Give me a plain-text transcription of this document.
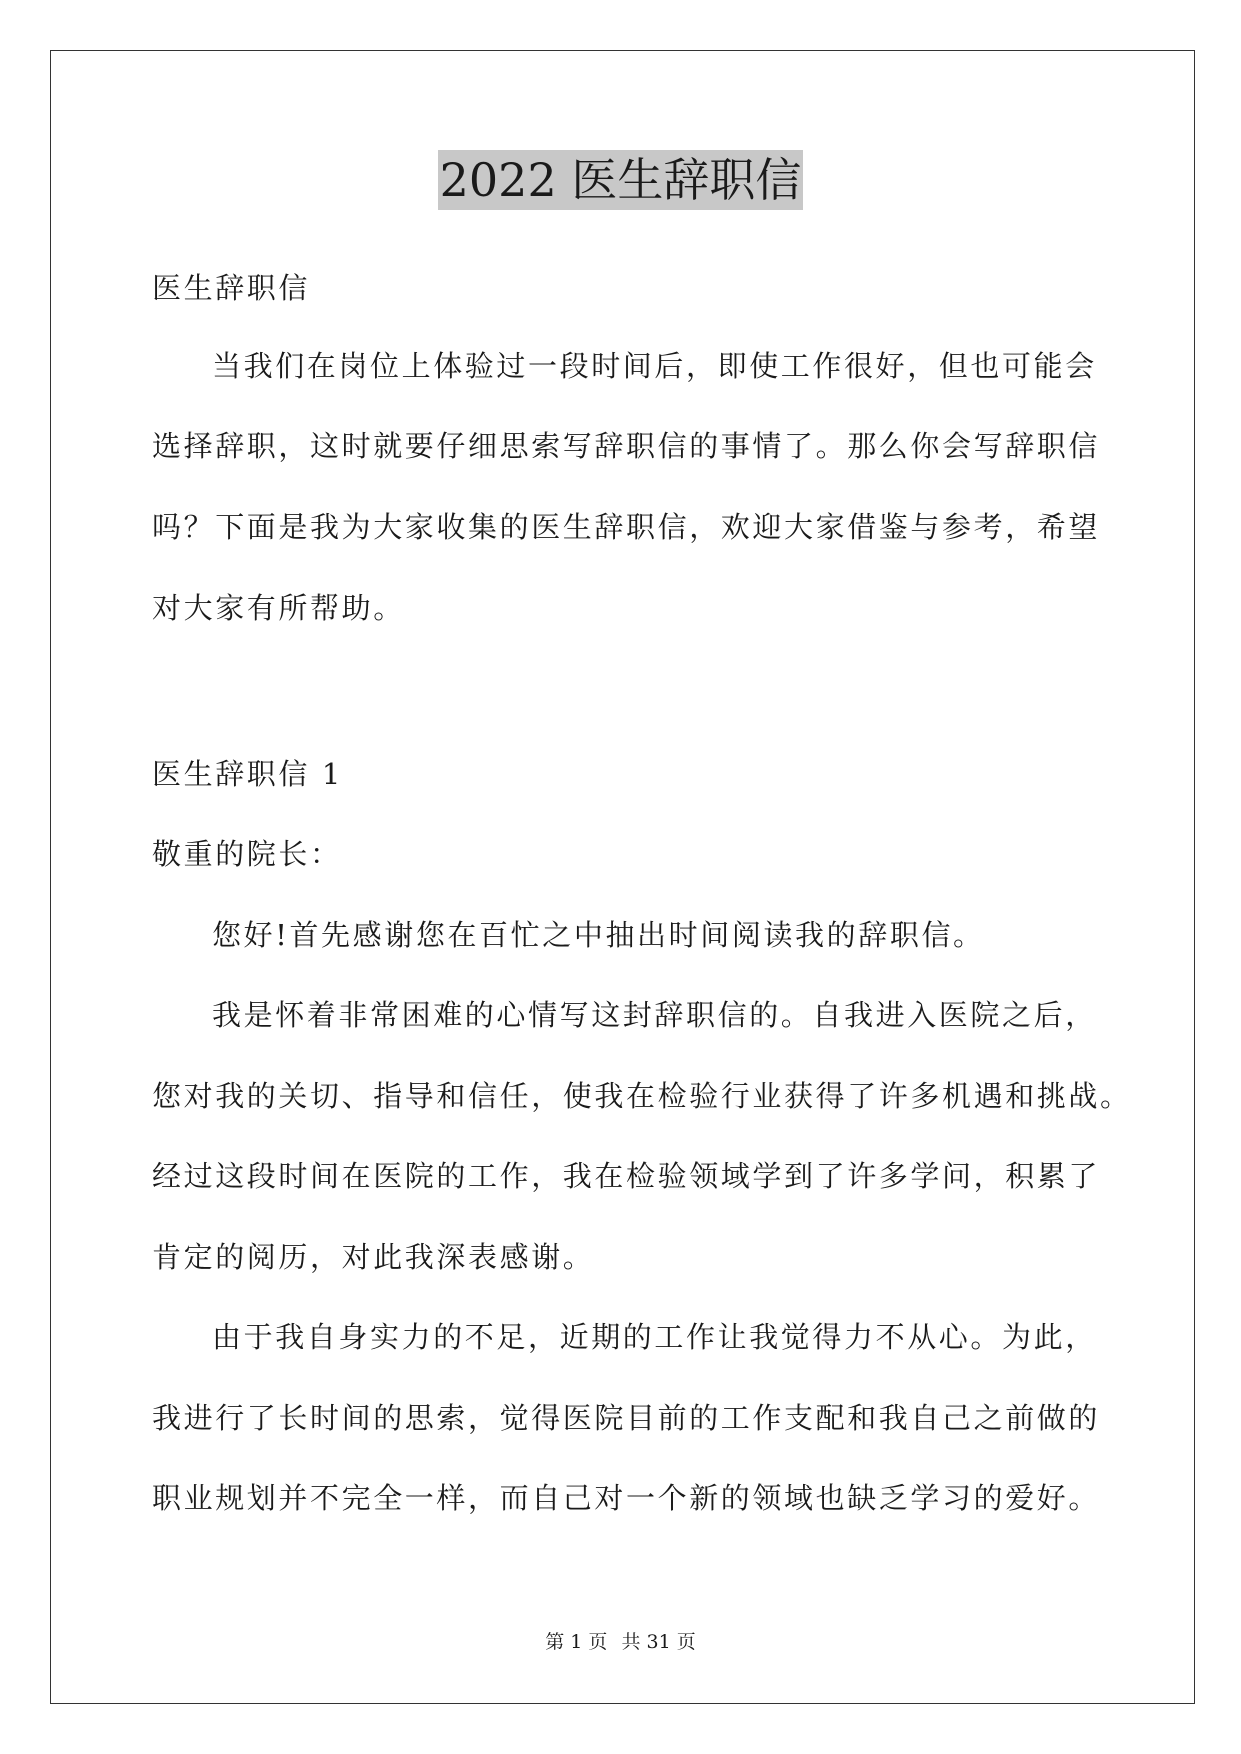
2022 医生辞职信
医生辞职信
当我们在岗位上体验过一段时间后，即使工作很好，但也可能会
选择辞职，这时就要仔细思索写辞职信的事情了。那么你会写辞职信
吗？下面是我为大家收集的医生辞职信，欢迎大家借鉴与参考，希望
对大家有所帮助。
医生辞职信 1
敬重的院长：
您好!首先感谢您在百忙之中抽出时间阅读我的辞职信。
我是怀着非常困难的心情写这封辞职信的。自我进入医院之后，
您对我的关切、指导和信任，使我在检验行业获得了许多机遇和挑战。
经过这段时间在医院的工作，我在检验领域学到了许多学问，积累了
肯定的阅历，对此我深表感谢。
由于我自身实力的不足，近期的工作让我觉得力不从心。为此，
我进行了长时间的思索，觉得医院目前的工作支配和我自己之前做的
职业规划并不完全一样，而自己对一个新的领域也缺乏学习的爱好。
第 1 页 共 31 页
